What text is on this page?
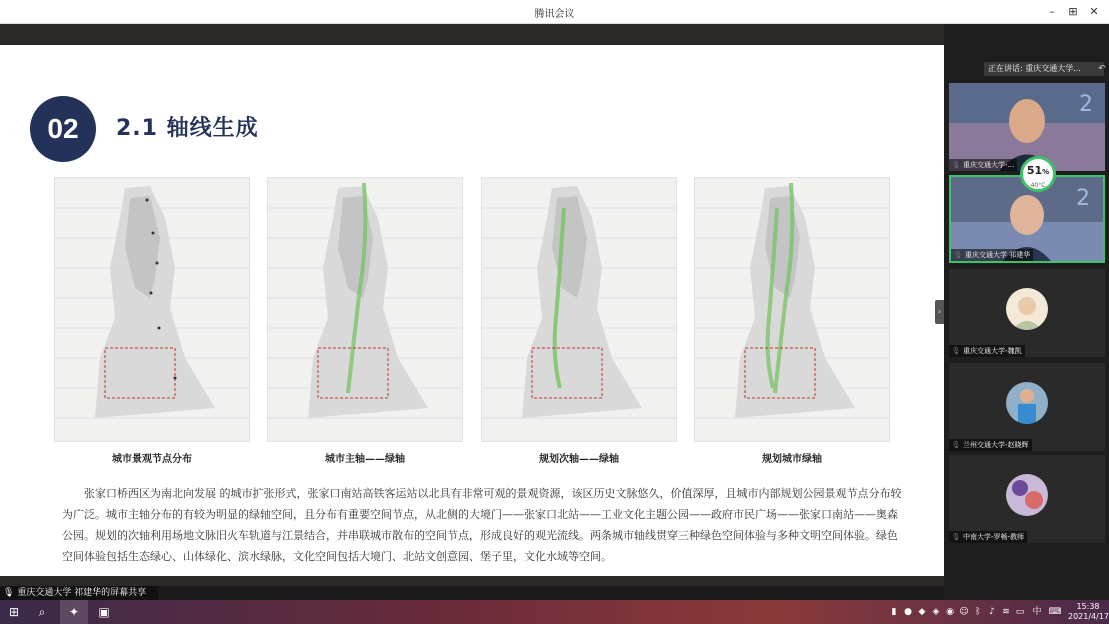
腾讯会议	–	⊞	✕
02	2.1 轴线生成
城市景观节点分布	城市主轴——绿轴	规划次轴——绿轴	规划城市绿轴

张家口桥西区为南北向发展 的城市扩张形式，张家口南站高铁客运站以北具有非常可观的景观资源，该区历史文脉悠久，价值深厚，且城市内部规划公园景观节点分布较为广泛。城市主轴分布的有较为明显的绿轴空间，且分布有重要空间节点，从北侧的大境门——张家口北站——工业文化主题公园——政府市民广场——张家口南站——奥森公园。规划的次轴利用场地文脉旧火车轨道与江景结合，并串联城市散布的空间节点，形成良好的观光流线。两条城市轴线贯穿三种绿色空间体验与多种文明空间体验。绿色空间体验包括生态绿心、山体绿化、滨水绿脉，文化空间包括大境门、北站文创意园、堡子里，文化水域等空间。

›
🎙 重庆交通大学 祁建华的屏幕共享
正在讲话: 重庆交通大学...	↶
2
重庆交通大学-...
2
重庆交通大学 祁建华
51%
40°C
重庆交通大学-魏凯
兰州交通大学-赵晓辉
中南大学-罗畅-教师
⊞	⌕	✦	▣	▮ ● ◆ ◈ ◉ ☺ ᛒ ♪ ≋ ▭ 中 ⌨
15:38
2021/4/17
